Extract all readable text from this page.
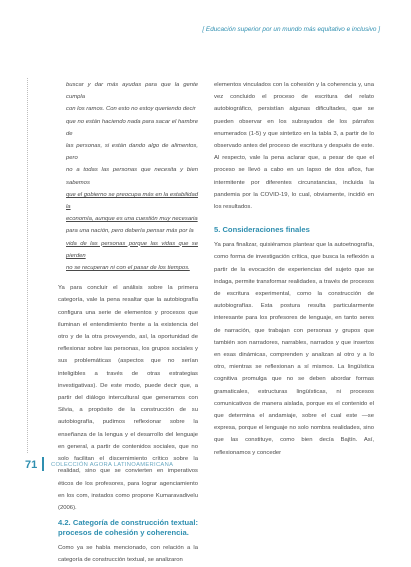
[ Educación superior por un mundo más equitativo e inclusivo ]

buscar y dar más ayudas para que la gente cumpla

con los ramos. Con esto no estoy queriendo decir

que no están haciendo nada para sacar el hambre de

las personas, si están dando algo de alimentos, pero

no a todas las personas que necesita y bien sabemos

que el gobierno se preocupa más en la estabilidad la

economía, aunque es una cuestión muy necesaria

para una nación, pero debería pensar más por la

vida de las personas porque las vidas que se pierden

no se recuperan ni con el pasar de los tiempos.

Ya para concluir el análisis sobre la primera categoría, vale la pena resaltar que la autobiografía configura una serie de elementos y procesos que iluminan el entendimiento frente a la existencia del otro y de la otra proveyendo, así, la oportunidad de reflexionar sobre las personas, los grupos sociales y sus problemáticas (aspectos que no serían inteligibles a través de otras estrategias investigativas). De este modo, puede decir que, a partir del diálogo intercultural que generamos con Silvia, a propósito de la construcción de su autobiografía, pudimos reflexionar sobre la enseñanza de la lengua y el desarrollo del lenguaje en general, a partir de contenidos sociales, que no solo facilitan el discernimiento crítico sobre la realidad, sino que se convierten en imperativos éticos de los profesores, para lograr agenciamiento en los com, instados como propone Kumaravadivelu (2006).

4.2. Categoría de construcción textual: procesos de cohesión y coherencia.

Como ya se había mencionado, con relación a la categoría de construcción textual, se analizaron

elementos vinculados con la cohesión y la coherencia y, una vez concluido el proceso de escritura del relato autobiográfico, persistían algunas dificultades, que se pueden observar en los subrayados de los párrafos enumerados (1-5) y que sintetizo en la tabla 3, a partir de lo observado antes del proceso de escritura y después de este. Al respecto, vale la pena aclarar que, a pesar de que el proceso se llevó a cabo en un lapso de dos años, fue intermitente por diferentes circunstancias, incluida la pandemia por la COVID-19, lo cual, obviamente, incidió en los resultados.

5. Consideraciones finales

Ya para finalizar, quisiéramos plantear que la autoetnografía, como forma de investigación crítica, que busca la reflexión a partir de la evocación de experiencias del sujeto que se indaga, permite transformar realidades, a través de procesos de escritura experimental, como la construcción de autobiografías. Esta postura resulta particularmente interesante para los profesores de lenguaje, en tanto seres de narración, que trabajan con personas y grupos que también son narradores, narrables, narrados y que insertos en esas dinámicas, comprenden y analizan al otro y a lo otro, mientras se reflexionan a sí mismos. La lingüística cognitiva promulga que no se deben abordar formas gramaticales, estructuras lingüísticas, ni procesos comunicativos de manera aislada, porque es el contenido el que determina el andamiaje, sobre el cual este —se expresa, porque el lenguaje no solo nombra realidades, sino que las constituye, como bien decía Bajtín. Así, reflexionamos y conceder

71 COLECCIÓN AGORA LATINOAMERICANA
